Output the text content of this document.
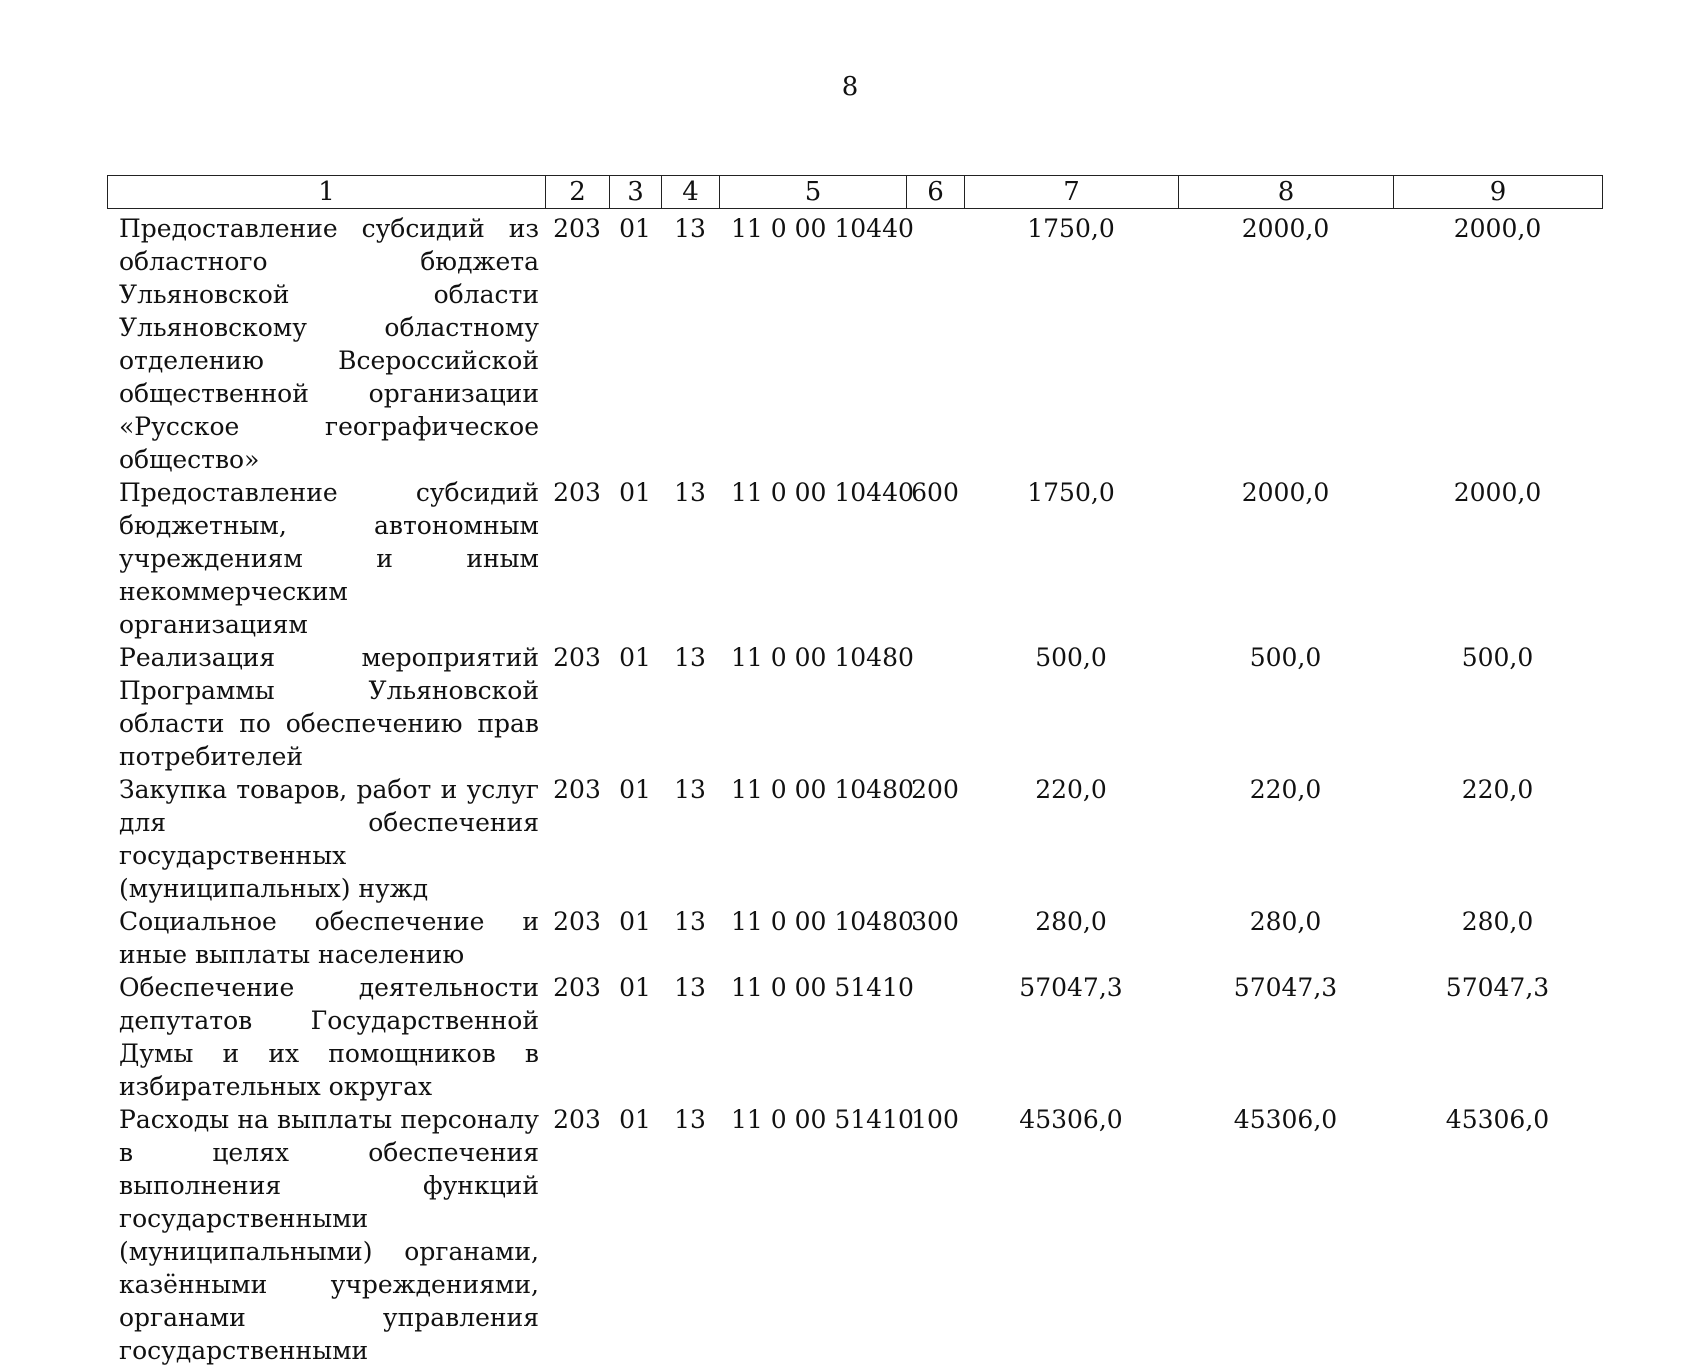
8
1	2	3	4	5	6	7	8	9
Предоставление субсидий из областного бюджета Ульяновской области Ульяновскому областному отделению Всероссийской общественной организации «Русское географическое общество»	203	01	13	11 0 00 10440		1750,0	2000,0	2000,0
Предоставление субсидий бюджетным, автономным учреждениям и иным некоммерческим организациям	203	01	13	11 0 00 10440	600	1750,0	2000,0	2000,0
Реализация мероприятий Программы Ульяновской области по обеспечению прав потребителей	203	01	13	11 0 00 10480		500,0	500,0	500,0
Закупка товаров, работ и услуг для обеспечения государственных (муниципальных) нужд	203	01	13	11 0 00 10480	200	220,0	220,0	220,0
Социальное обеспечение и иные выплаты населению	203	01	13	11 0 00 10480	300	280,0	280,0	280,0
Обеспечение деятельности депутатов Государственной Думы и их помощников в избирательных округах	203	01	13	11 0 00 51410		57047,3	57047,3	57047,3
Расходы на выплаты персоналу в целях обеспечения выполнения функций государственными (муниципальными) органами, казёнными учреждениями, органами управления государственными	203	01	13	11 0 00 51410	100	45306,0	45306,0	45306,0
